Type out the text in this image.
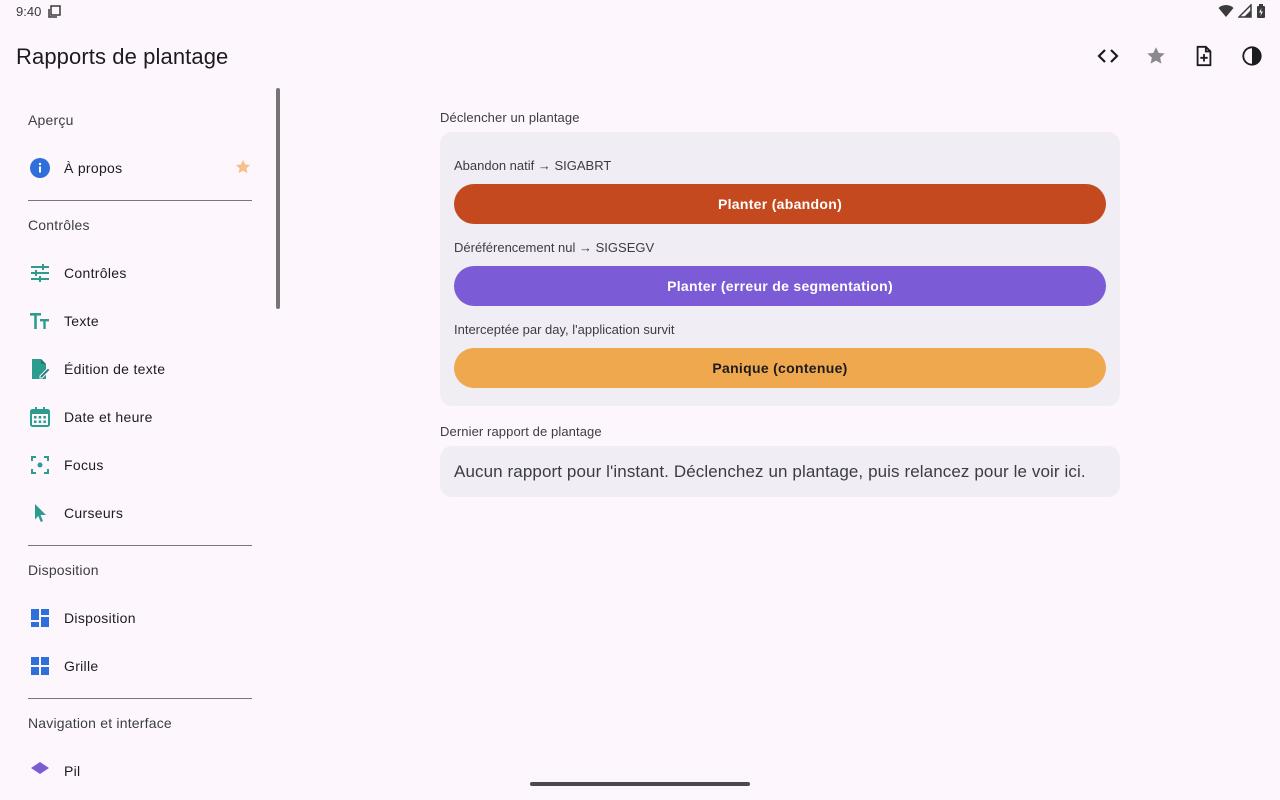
9:40
Rapports de plantage
Aperçu
À propos
Contrôles
Contrôles
Texte
Édition de texte
Date et heure
Focus
Curseurs
Disposition
Disposition
Grille
Navigation et interface
Pil
Déclencher un plantage
Abandon natif → SIGABRT
Planter (abandon)
Déréférencement nul → SIGSEGV
Planter (erreur de segmentation)
Interceptée par day, l'application survit
Panique (contenue)
Dernier rapport de plantage
Aucun rapport pour l'instant. Déclenchez un plantage, puis relancez pour le voir ici.
